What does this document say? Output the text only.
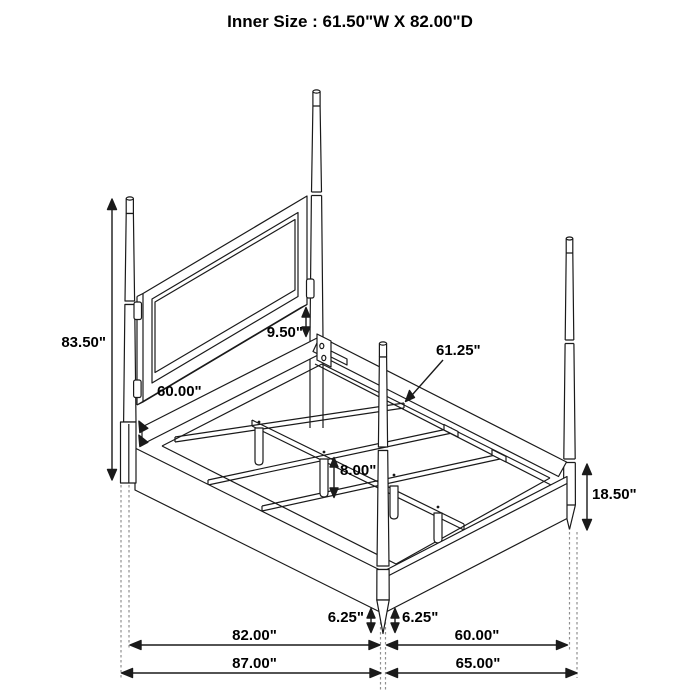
Inner Size : 61.50"W X 82.00"D
83.50"
9.50"
60.00"
61.25"
8.00"
18.50"
6.25"	6.25"
82.00"	60.00"
87.00"	65.00"
